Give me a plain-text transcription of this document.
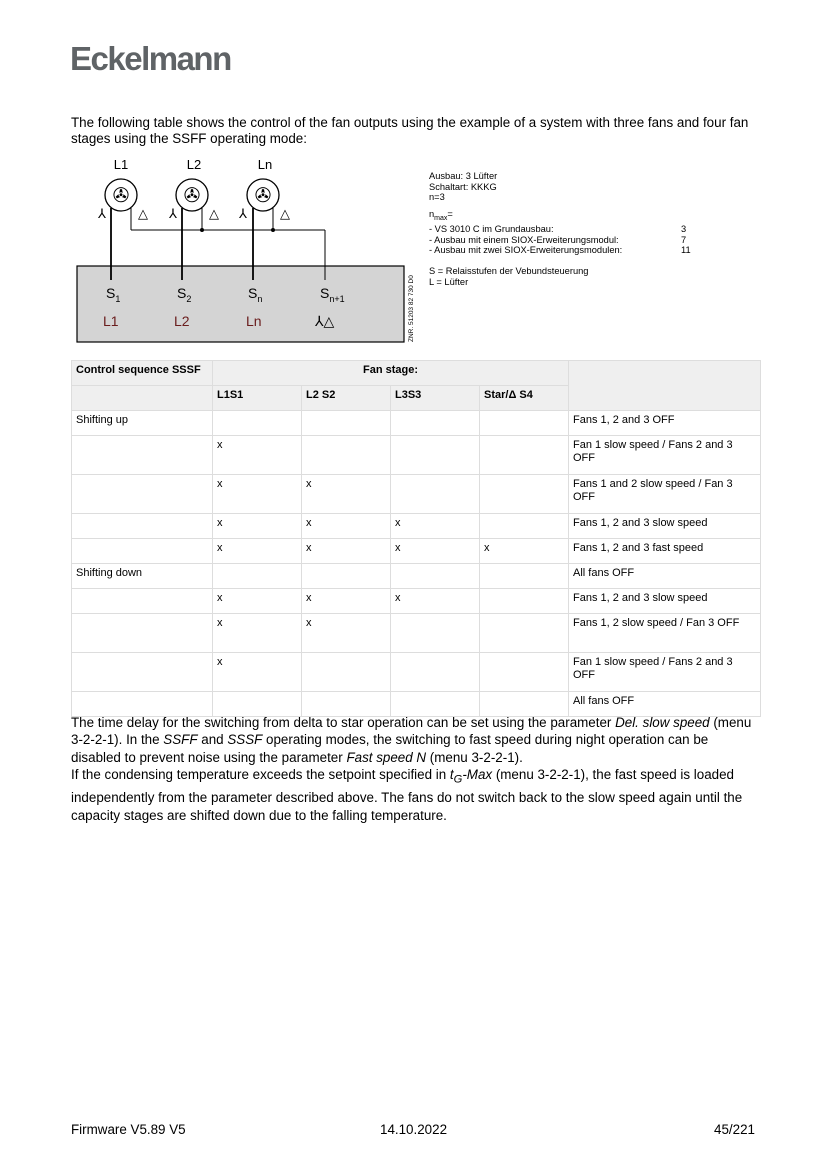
Eckelmann
The following table shows the control of the fan outputs using the example of a system with three fans and four fan stages using the SSFF operating mode:
✇	✇	✇
L1	L2	Ln
⅄	⅄	⅄
△	△	△
$S_1$	$S_2$	$S_n$	$S_{n+1}$
L1	L2	Ln	⅄△	ZNR. 51203 82 730 D0
Ausbau: 3 Lüfter
Schaltart: KKKG
n=3
$n_{max}=$
- VS 3010 C im Grundausbau:	3
- Ausbau mit einem SIOX-Erweiterungsmodul:	7
- Ausbau mit zwei SIOX-Erweiterungsmodulen:	11
S = Relaisstufen der Vebundsteuerung
L = Lüfter
Control sequence SSSF	Fan stage:				
	L1S1	L2 S2	L3S3	Star/Δ S4	
Shifting up					Fans 1, 2 and 3 OFF
	x				Fan 1 slow speed / Fans 2 and 3 OFF
	x	x			Fans 1 and 2 slow speed / Fan 3 OFF
	x	x	x		Fans 1, 2 and 3 slow speed
	x	x	x	x	Fans 1, 2 and 3 fast speed
Shifting down					All fans OFF
	x	x	x		Fans 1, 2 and 3 slow speed
	x	x			Fans 1, 2 slow speed / Fan 3 OFF
	x				Fan 1 slow speed / Fans 2 and 3 OFF
					All fans OFF
The time delay for the switching from delta to star operation can be set using the parameter Del. slow speed (menu 3-2-2-1). In the SSFF and SSSF operating modes, the switching to fast speed during night operation can be disabled to prevent noise using the parameter Fast speed N (menu 3-2-2-1).
If the condensing temperature exceeds the setpoint specified in $t_G$-Max (menu 3-2-2-1), the fast speed is loaded independently from the parameter described above. The fans do not switch back to the slow speed again until the capacity stages are shifted down due to the falling temperature.
Firmware V5.89 V5	14.10.2022	45/221
